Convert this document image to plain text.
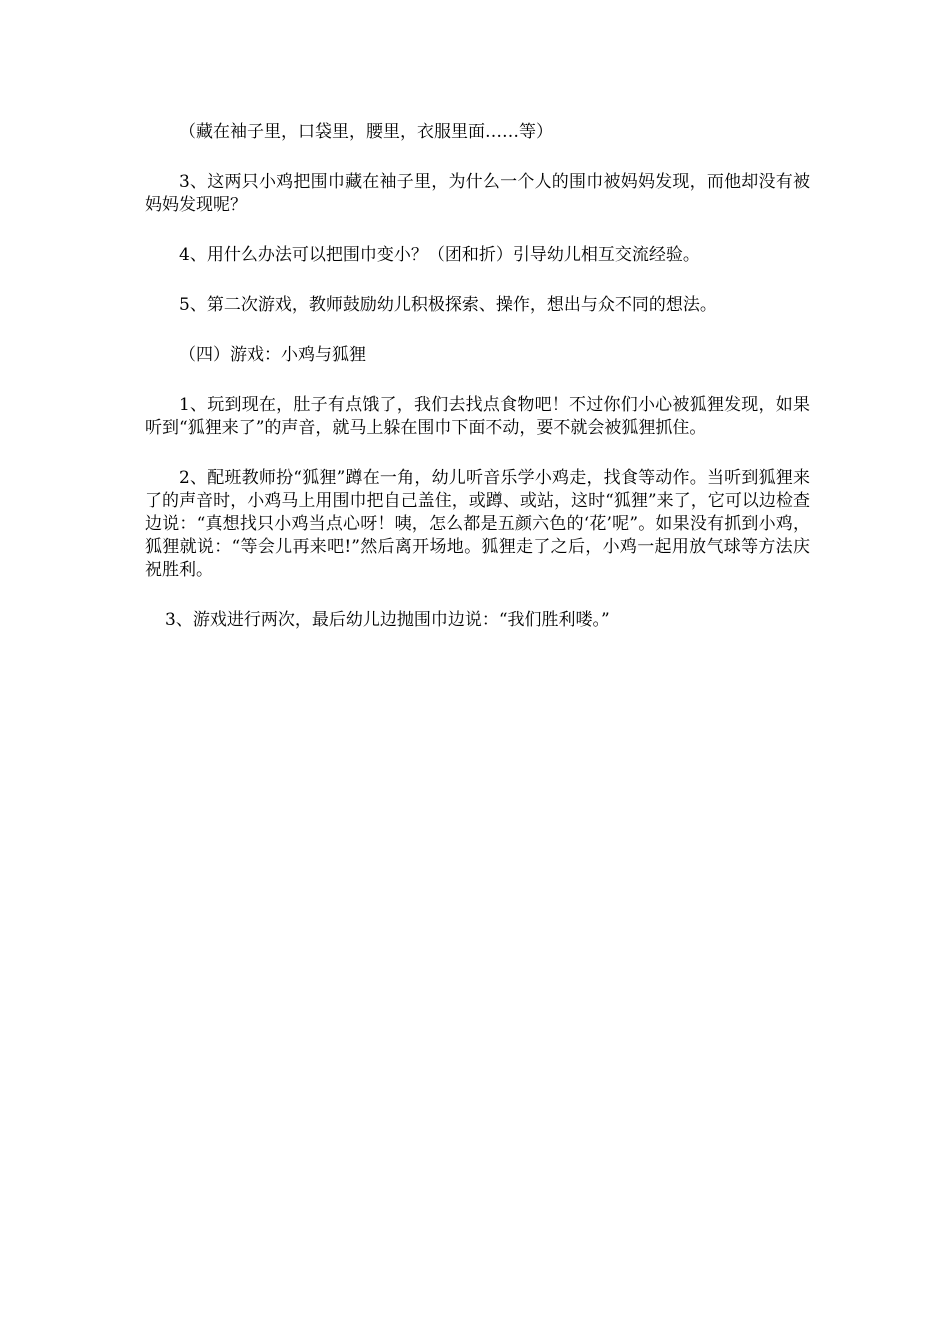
（藏在袖子里，口袋里，腰里，衣服里面……等）

3、这两只小鸡把围巾藏在袖子里，为什么一个人的围巾被妈妈发现，而他却没有被妈妈发现呢？

4、用什么办法可以把围巾变小？（团和折）引导幼儿相互交流经验。

5、第二次游戏，教师鼓励幼儿积极探索、操作，想出与众不同的想法。

（四）游戏：小鸡与狐狸

1、玩到现在，肚子有点饿了，我们去找点食物吧！不过你们小心被狐狸发现，如果听到“狐狸来了”的声音，就马上躲在围巾下面不动，要不就会被狐狸抓住。

2、配班教师扮“狐狸”蹲在一角，幼儿听音乐学小鸡走，找食等动作。当听到狐狸来了的声音时，小鸡马上用围巾把自己盖住，或蹲、或站，这时“狐狸”来了，它可以边检查边说：“真想找只小鸡当点心呀！咦，怎么都是五颜六色的‘花’呢”。如果没有抓到小鸡，狐狸就说：“等会儿再来吧!”然后离开场地。狐狸走了之后，小鸡一起用放气球等方法庆祝胜利。

3、游戏进行两次，最后幼儿边抛围巾边说：“我们胜利喽。”
